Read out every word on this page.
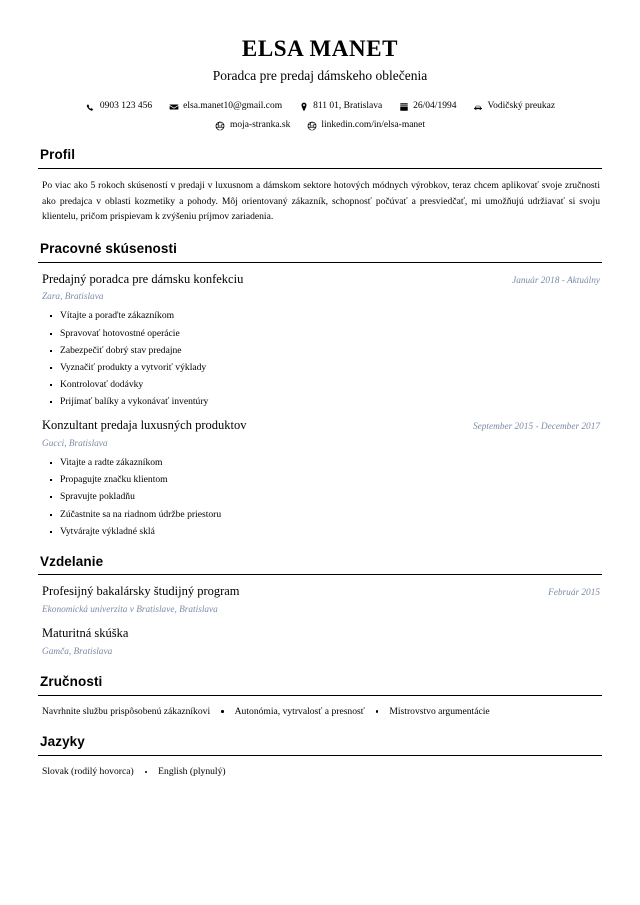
ELSA MANET
Poradca pre predaj dámskeho oblečenia
0903 123 456	elsa.manet10@gmail.com	811 01, Bratislava	26/04/1994	Vodičský preukaz
moja-stranka.sk	linkedin.com/in/elsa-manet
Profil

Po viac ako 5 rokoch skúseností v predaji v luxusnom a dámskom sektore hotových módnych výrobkov, teraz chcem aplikovať svoje zručnosti ako predajca v oblasti kozmetiky a pohody. Môj orientovaný zákazník, schopnosť počúvať a presviedčať, mi umožňujú udržiavať si svoju klientelu, pričom prispievam k zvýšeniu príjmov zariadenia.

Pracovné skúsenosti
Predajný poradca pre dámsku konfekciu	Január 2018 - Aktuálny
Zara, Bratislava
Vítajte a poraďte zákazníkom
Spravovať hotovostné operácie
Zabezpečiť dobrý stav predajne
Vyznačiť produkty a vytvoriť výklady
Kontrolovať dodávky
Prijímať balíky a vykonávať inventúry
Konzultant predaja luxusných produktov	September 2015 - December 2017
Gucci, Bratislava
Vitajte a radte zákazníkom
Propagujte značku klientom
Spravujte pokladňu
Zúčastnite sa na riadnom údržbe priestoru
Vytvárajte výkladné sklá
Vzdelanie
Profesijný bakalársky študijný program	Február 2015
Ekonomická univerzita v Bratislave, Bratislava
Maturitná skúška
Gamča, Bratislava
Zručnosti
Navrhnite službu prispôsobenú zákazníkovi	Autonómia, vytrvalosť a presnosť	Mistrovstvo argumentácie
Jazyky
Slovak (rodilý hovorca)	English (plynulý)
